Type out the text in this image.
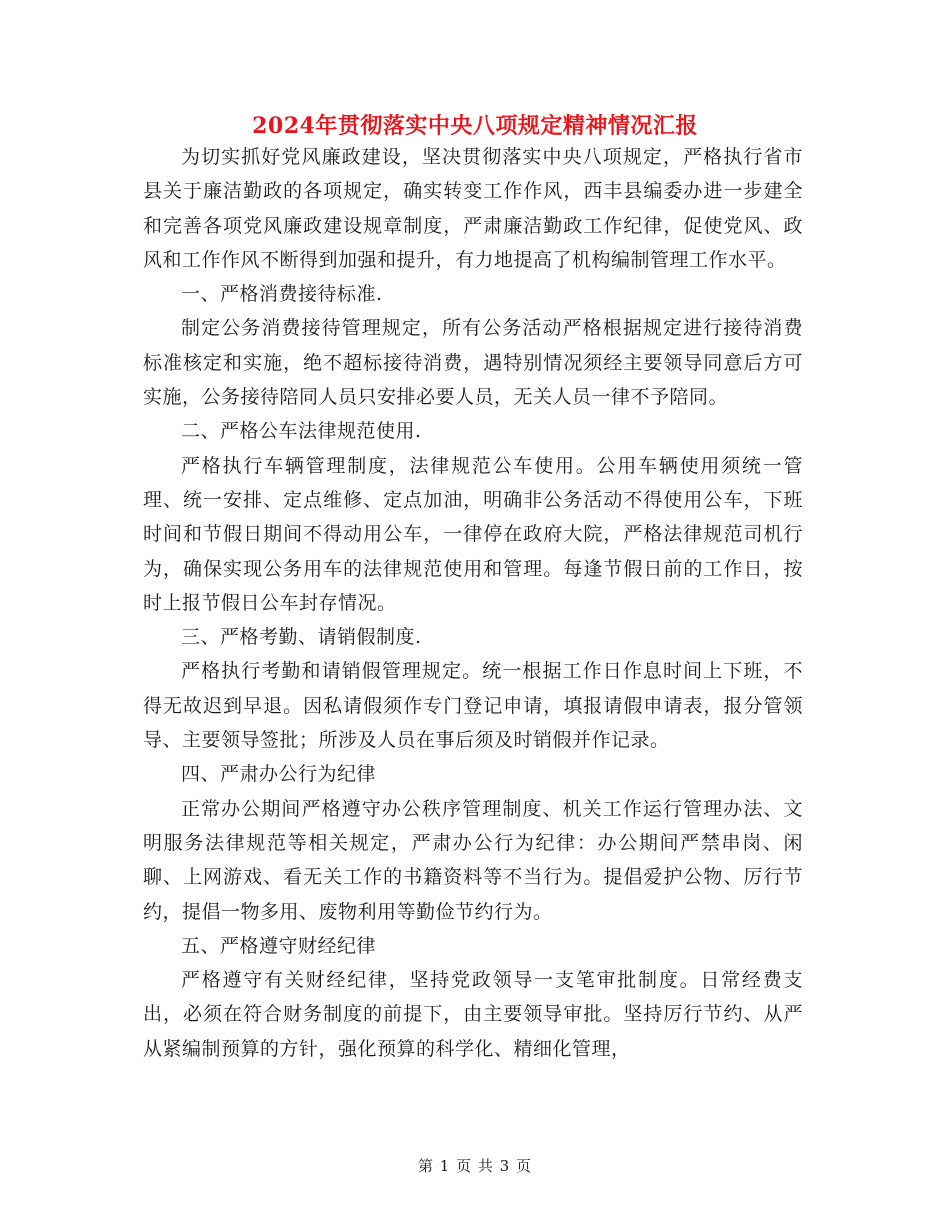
2024年贯彻落实中央八项规定精神情况汇报

为切实抓好党风廉政建设，坚决贯彻落实中央八项规定，严格执行省市县关于廉洁勤政的各项规定，确实转变工作作风，西丰县编委办进一步建全和完善各项党风廉政建设规章制度，严肃廉洁勤政工作纪律，促使党风、政风和工作作风不断得到加强和提升，有力地提高了机构编制管理工作水平。

一、严格消费接待标准.

制定公务消费接待管理规定，所有公务活动严格根据规定进行接待消费标准核定和实施，绝不超标接待消费，遇特别情况须经主要领导同意后方可实施，公务接待陪同人员只安排必要人员，无关人员一律不予陪同。

二、严格公车法律规范使用.

严格执行车辆管理制度，法律规范公车使用。公用车辆使用须统一管理、统一安排、定点维修、定点加油，明确非公务活动不得使用公车，下班时间和节假日期间不得动用公车，一律停在政府大院，严格法律规范司机行为，确保实现公务用车的法律规范使用和管理。每逢节假日前的工作日，按时上报节假日公车封存情况。

三、严格考勤、请销假制度.

严格执行考勤和请销假管理规定。统一根据工作日作息时间上下班，不得无故迟到早退。因私请假须作专门登记申请，填报请假申请表，报分管领导、主要领导签批；所涉及人员在事后须及时销假并作记录。

四、严肃办公行为纪律

正常办公期间严格遵守办公秩序管理制度、机关工作运行管理办法、文明服务法律规范等相关规定，严肃办公行为纪律：办公期间严禁串岗、闲聊、上网游戏、看无关工作的书籍资料等不当行为。提倡爱护公物、厉行节约，提倡一物多用、废物利用等勤俭节约行为。

五、严格遵守财经纪律

严格遵守有关财经纪律，坚持党政领导一支笔审批制度。日常经费支出，必须在符合财务制度的前提下，由主要领导审批。坚持厉行节约、从严从紧编制预算的方针，强化预算的科学化、精细化管理，

第 1 页 共 3 页
